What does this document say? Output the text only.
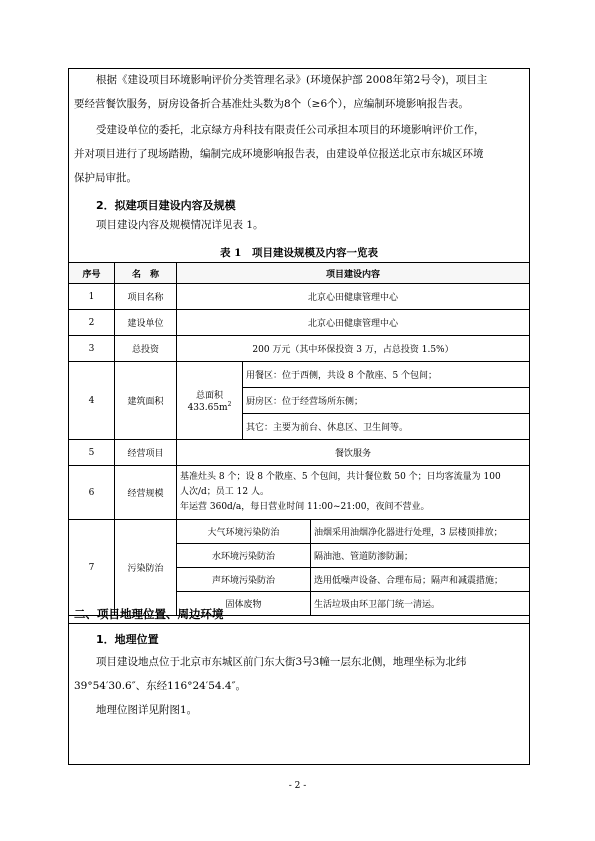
根据《建设项目环境影响评价分类管理名录》(环境保护部 2008年第2号令)，项目主
要经营餐饮服务，厨房设备折合基准灶头数为8个（≥6个），应编制环境影响报告表。
受建设单位的委托，北京绿方舟科技有限责任公司承担本项目的环境影响评价工作，
并对项目进行了现场踏勘，编制完成环境影响报告表，由建设单位报送北京市东城区环境
保护局审批。
2．拟建项目建设内容及规模
项目建设内容及规模情况详见表 1。
表 1　项目建设规模及内容一览表
序号	名　称	项目建设内容		
1	项目名称	北京心田健康管理中心		
2	建设单位	北京心田健康管理中心		
3	总投资	200 万元（其中环保投资 3 万，占总投资 1.5%）		
4	建筑面积	总面积 $433.65m^2$	用餐区：位于西侧，共设 8 个散座、5 个包间；	
			厨房区：位于经营场所东侧；	
			其它：主要为前台、休息区、卫生间等。	
5	经营项目	餐饮服务		
6	经营规模	基准灶头 8 个；设 8 个散座、5 个包间，共计餐位数 50 个；日均客流量为 100
人次/d；员工 12 人。
年运营 360d/a，每日营业时间 11:00~21:00，夜间不营业。		

7	污染防治	大气环境污染防治		油烟采用油烟净化器进行处理，3 层楼顶排放；
		水环境污染防治		隔油池、管道防渗防漏；
		声环境污染防治		选用低噪声设备、合理布局；隔声和减震措施；
		固体废物		生活垃圾由环卫部门统一清运。
二、项目地理位置、周边环境
1．地理位置
项目建设地点位于北京市东城区前门东大街3号3幢一层东北侧，地理坐标为北纬
39°54′30.6″、东经116°24′54.4″。
地理位图详见附图1。
- 2 -
